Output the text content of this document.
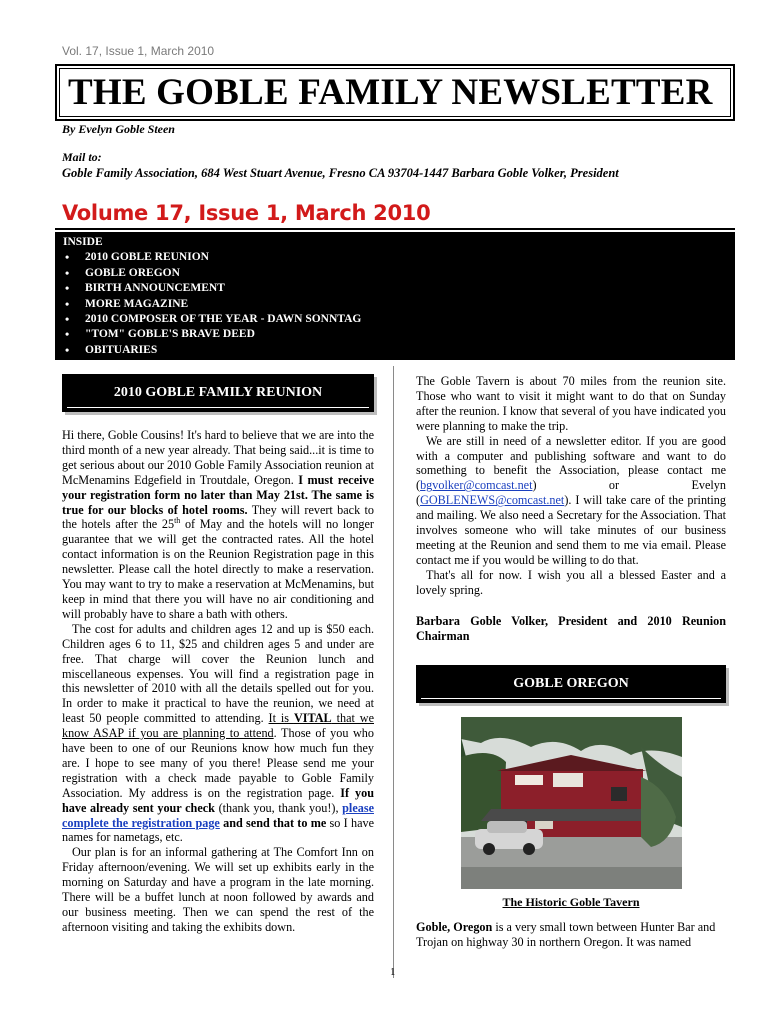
Vol. 17, Issue 1, March 2010
THE GOBLE FAMILY NEWSLETTER
By Evelyn Goble Steen
Mail to:
Goble Family Association, 684 West Stuart Avenue, Fresno CA 93704-1447 Barbara Goble Volker, President
Volume 17, Issue 1, March 2010
INSIDE
• 2010 GOBLE REUNION
• GOBLE OREGON
• BIRTH ANNOUNCEMENT
• MORE MAGAZINE
• 2010 COMPOSER OF THE YEAR - DAWN SONNTAG
• "TOM" GOBLE'S BRAVE DEED
• OBITUARIES
2010 GOBLE FAMILY REUNION

Hi there, Goble Cousins! It's hard to believe that we are into the third month of a new year already. That being said...it is time to get serious about our 2010 Goble Family Association reunion at McMenamins Edgefield in Troutdale, Oregon. I must receive your registration form no later than May 21st. The same is true for our blocks of hotel rooms. They will revert back to the hotels after the 25th of May and the hotels will no longer guarantee that we will get the contracted rates. All the hotel contact information is on the Reunion Registration page in this newsletter. Please call the hotel directly to make a reservation. You may want to try to make a reservation at McMenamins, but keep in mind that there you will have no air conditioning and will probably have to share a bath with others.

The cost for adults and children ages 12 and up is $50 each. Children ages 6 to 11, $25 and children ages 5 and under are free. That charge will cover the Reunion lunch and miscellaneous expenses. You will find a registration page in this newsletter of 2010 with all the details spelled out for you. In order to make it practical to have the reunion, we need at least 50 people committed to attending. It is VITAL that we know ASAP if you are planning to attend. Those of you who have been to one of our Reunions know how much fun they are. I hope to see many of you there! Please send me your registration with a check made payable to Goble Family Association. My address is on the registration page. If you have already sent your check (thank you, thank you!), please complete the registration page and send that to me so I have names for nametags, etc.

Our plan is for an informal gathering at The Comfort Inn on Friday afternoon/evening. We will set up exhibits early in the morning on Saturday and have a program in the late morning. There will be a buffet lunch at noon followed by awards and our business meeting. Then we can spend the rest of the afternoon visiting and taking the exhibits down.

The Goble Tavern is about 70 miles from the reunion site. Those who want to visit it might want to do that on Sunday after the reunion. I know that several of you have indicated you were planning to make the trip.

We are still in need of a newsletter editor. If you are good with a computer and publishing software and want to do something to benefit the Association, please contact me (bgvolker@comcast.net) or Evelyn (GOBLENEWS@comcast.net). I will take care of the printing and mailing. We also need a Secretary for the Association. That involves someone who will take minutes of our business meeting at the Reunion and send them to me via email. Please contact me if you would be willing to do that.

That's all for now. I wish you all a blessed Easter and a lovely spring.

Barbara Goble Volker, President and 2010 Reunion Chairman
GOBLE OREGON
The Historic Goble Tavern
Goble, Oregon is a very small town between Hunter Bar and Trojan on highway 30 in northern Oregon. It was named
1
